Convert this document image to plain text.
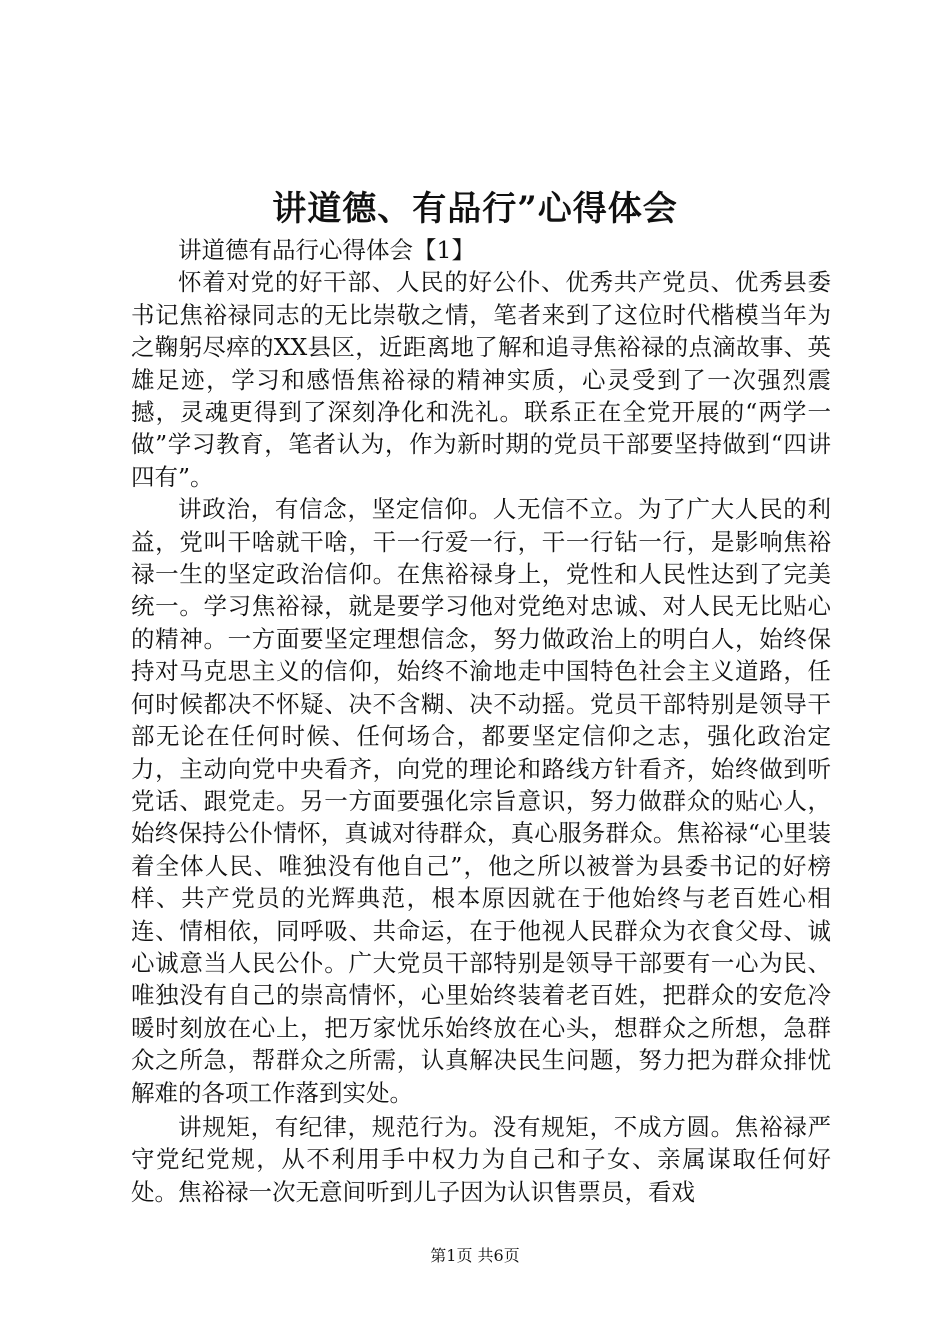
讲道德、有品行”心得体会

讲道德有品行心得体会【1】

怀着对党的好干部、人民的好公仆、优秀共产党员、优秀县委书记焦裕禄同志的无比崇敬之情，笔者来到了这位时代楷模当年为之鞠躬尽瘁的XX县区，近距离地了解和追寻焦裕禄的点滴故事、英雄足迹，学习和感悟焦裕禄的精神实质，心灵受到了一次强烈震撼，灵魂更得到了深刻净化和洗礼。联系正在全党开展的“两学一做”学习教育，笔者认为，作为新时期的党员干部要坚持做到“四讲四有”。

讲政治，有信念，坚定信仰。人无信不立。为了广大人民的利益，党叫干啥就干啥，干一行爱一行，干一行钻一行，是影响焦裕禄一生的坚定政治信仰。在焦裕禄身上，党性和人民性达到了完美统一。学习焦裕禄，就是要学习他对党绝对忠诚、对人民无比贴心的精神。一方面要坚定理想信念，努力做政治上的明白人，始终保持对马克思主义的信仰，始终不渝地走中国特色社会主义道路，任何时候都决不怀疑、决不含糊、决不动摇。党员干部特别是领导干部无论在任何时候、任何场合，都要坚定信仰之志，强化政治定力，主动向党中央看齐，向党的理论和路线方针看齐，始终做到听党话、跟党走。另一方面要强化宗旨意识，努力做群众的贴心人，始终保持公仆情怀，真诚对待群众，真心服务群众。焦裕禄“心里装着全体人民、唯独没有他自己”，他之所以被誉为县委书记的好榜样、共产党员的光辉典范，根本原因就在于他始终与老百姓心相连、情相依，同呼吸、共命运，在于他视人民群众为衣食父母、诚心诚意当人民公仆。广大党员干部特别是领导干部要有一心为民、唯独没有自己的崇高情怀，心里始终装着老百姓，把群众的安危冷暖时刻放在心上，把万家忧乐始终放在心头，想群众之所想，急群众之所急，帮群众之所需，认真解决民生问题，努力把为群众排忧解难的各项工作落到实处。

讲规矩，有纪律，规范行为。没有规矩，不成方圆。焦裕禄严守党纪党规，从不利用手中权力为自己和子女、亲属谋取任何好处。焦裕禄一次无意间听到儿子因为认识售票员，看戏

第1页 共6页
